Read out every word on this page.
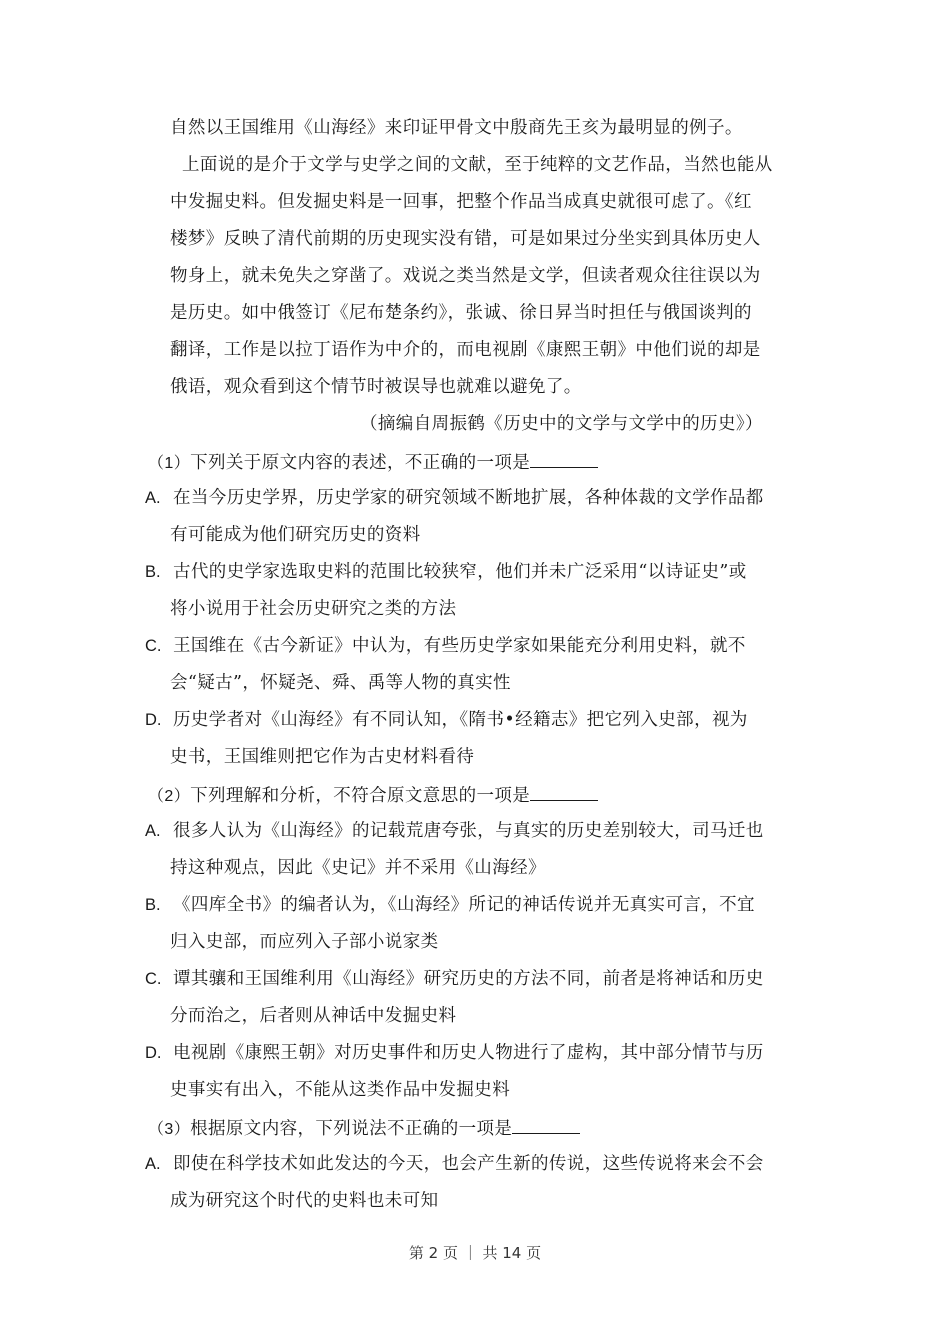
自然以王国维用《山海经》来印证甲骨文中殷商先王亥为最明显的例子。
上面说的是介于文学与史学之间的文献，至于纯粹的文艺作品，当然也能从
中发掘史料。但发掘史料是一回事，把整个作品当成真史就很可虑了。《红
楼梦》反映了清代前期的历史现实没有错，可是如果过分坐实到具体历史人
物身上，就未免失之穿凿了。戏说之类当然是文学，但读者观众往往误以为
是历史。如中俄签订《尼布楚条约》，张诚、徐日昇当时担任与俄国谈判的
翻译，工作是以拉丁语作为中介的，而电视剧《康熙王朝》中他们说的却是
俄语，观众看到这个情节时被误导也就难以避免了。
（摘编自周振鹤《历史中的文学与文学中的历史》）
（1）下列关于原文内容的表述，不正确的一项是
A. 在当今历史学界，历史学家的研究领域不断地扩展，各种体裁的文学作品都
有可能成为他们研究历史的资料
B. 古代的史学家选取史料的范围比较狭窄，他们并未广泛采用“以诗证史”或
将小说用于社会历史研究之类的方法
C. 王国维在《古今新证》中认为，有些历史学家如果能充分利用史料，就不
会“疑古”，怀疑尧、舜、禹等人物的真实性
D. 历史学者对《山海经》有不同认知，《隋书•经籍志》把它列入史部，视为
史书，王国维则把它作为古史材料看待
（2）下列理解和分析，不符合原文意思的一项是
A. 很多人认为《山海经》的记载荒唐夸张，与真实的历史差别较大，司马迁也
持这种观点，因此《史记》并不采用《山海经》
B. 《四库全书》的编者认为，《山海经》所记的神话传说并无真实可言，不宜
归入史部，而应列入子部小说家类
C. 谭其骧和王国维利用《山海经》研究历史的方法不同，前者是将神话和历史
分而治之，后者则从神话中发掘史料
D. 电视剧《康熙王朝》对历史事件和历史人物进行了虚构，其中部分情节与历
史事实有出入，不能从这类作品中发掘史料
（3）根据原文内容，下列说法不正确的一项是
A. 即使在科学技术如此发达的今天，也会产生新的传说，这些传说将来会不会
成为研究这个时代的史料也未可知
第 2 页 ｜ 共 14 页
